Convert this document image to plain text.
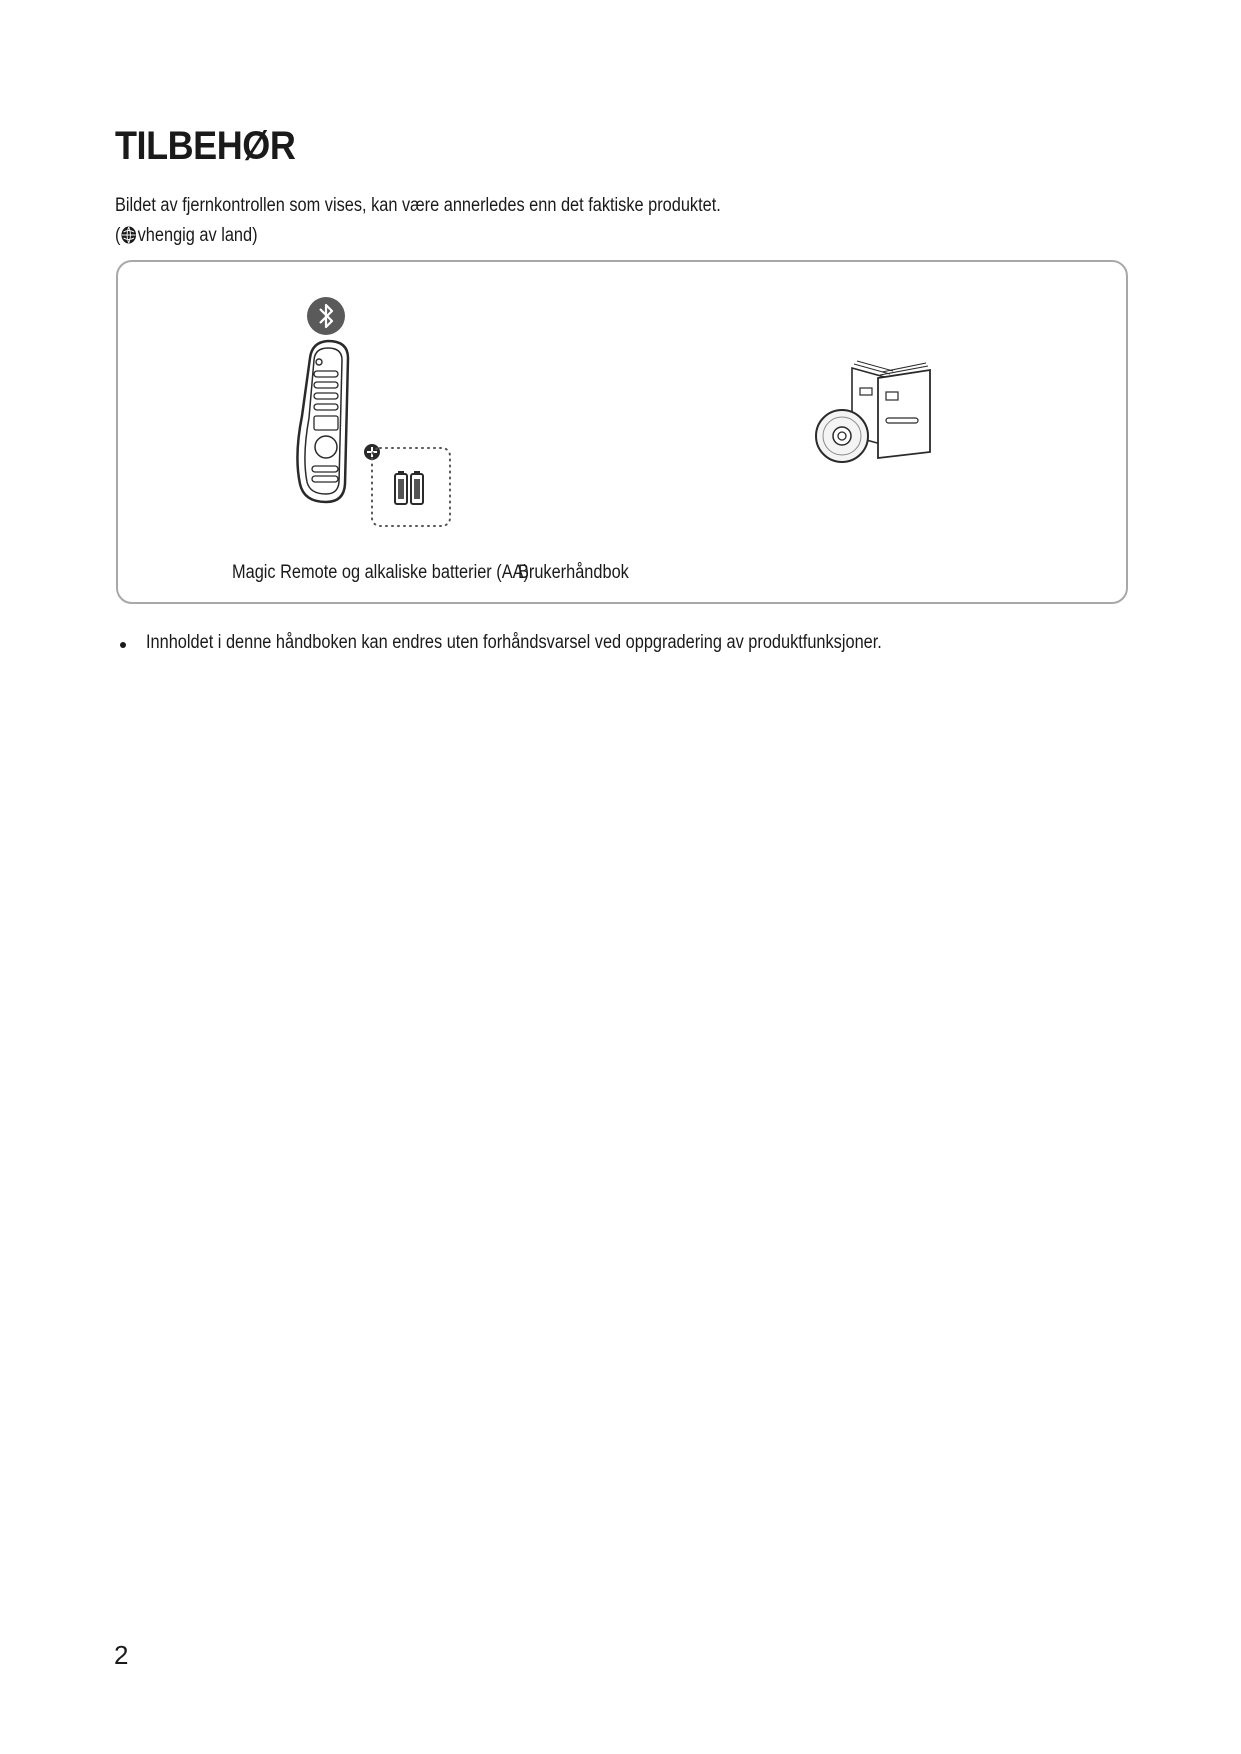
TILBEHØR
Bildet av fjernkontrollen som vises, kan være annerledes enn det faktiske produktet.
( vhengig av land)
Magic Remote og alkaliske batterier (AA)
Brukerhåndbok
Innholdet i denne håndboken kan endres uten forhåndsvarsel ved oppgradering av produktfunksjoner.
2
